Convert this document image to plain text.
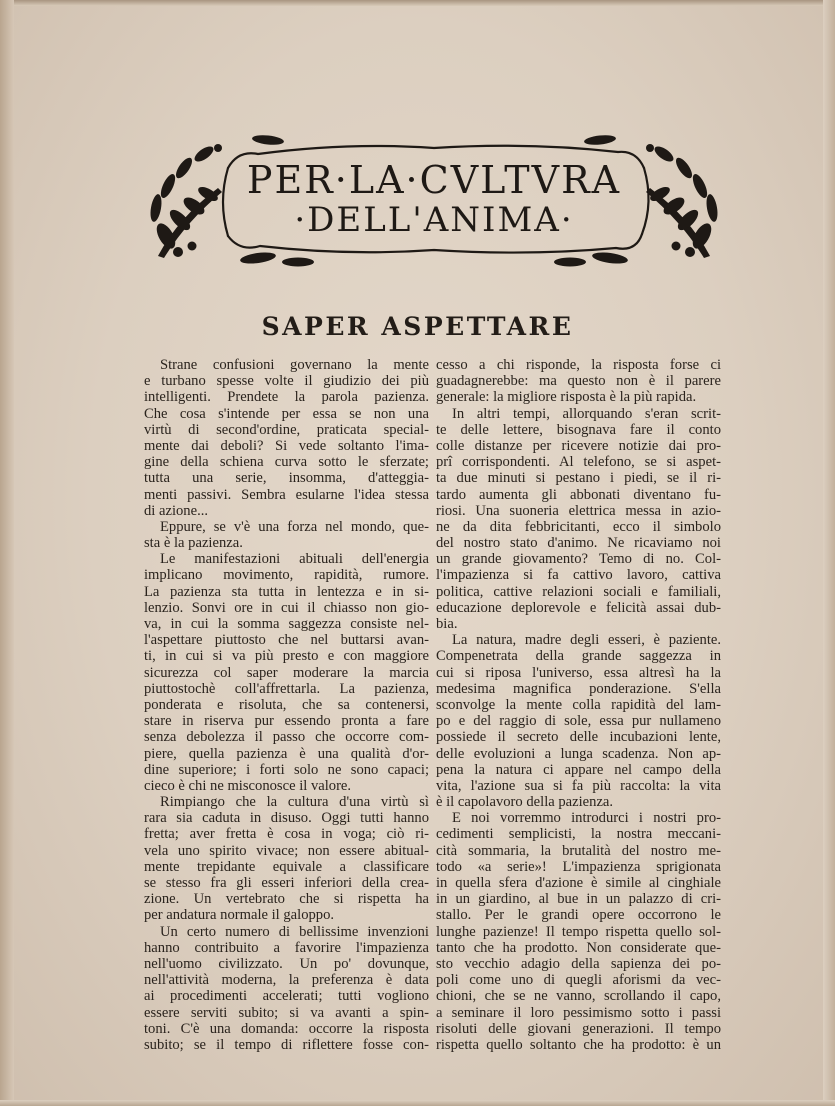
PER·LA·CVLTVRA
·DELL'ANIMA·
SAPER ASPETTARE
Strane confusioni governano la mente
e turbano spesse volte il giudizio dei più
intelligenti. Prendete la parola pazienza.
Che cosa s'intende per essa se non una
virtù di second'ordine, praticata special-
mente dai deboli? Si vede soltanto l'ima-
gine della schiena curva sotto le sferzate;
tutta una serie, insomma, d'atteggia-
menti passivi. Sembra esularne l'idea stessa
di azione...
Eppure, se v'è una forza nel mondo, que-
sta è la pazienza.
Le manifestazioni abituali dell'energia
implicano movimento, rapidità, rumore.
La pazienza sta tutta in lentezza e in si-
lenzio. Sonvi ore in cui il chiasso non gio-
va, in cui la somma saggezza consiste nel-
l'aspettare piuttosto che nel buttarsi avan-
ti, in cui si va più presto e con maggiore
sicurezza col saper moderare la marcia
piuttostochè coll'affrettarla. La pazienza,
ponderata e risoluta, che sa contenersi,
stare in riserva pur essendo pronta a fare
senza debolezza il passo che occorre com-
piere, quella pazienza è una qualità d'or-
dine superiore; i forti solo ne sono capaci;
cieco è chi ne misconosce il valore.
Rimpiango che la cultura d'una virtù sì
rara sia caduta in disuso. Oggi tutti hanno
fretta; aver fretta è cosa in voga; ciò ri-
vela uno spirito vivace; non essere abitual-
mente trepidante equivale a classificare
se stesso fra gli esseri inferiori della crea-
zione. Un vertebrato che si rispetta ha
per andatura normale il galoppo.
Un certo numero di bellissime invenzioni
hanno contribuito a favorire l'impazienza
nell'uomo civilizzato. Un po' dovunque,
nell'attività moderna, la preferenza è data
ai procedimenti accelerati; tutti vogliono
essere serviti subito; si va avanti a spin-
toni. C'è una domanda: occorre la risposta
subito; se il tempo di riflettere fosse con-
cesso a chi risponde, la risposta forse ci
guadagnerebbe: ma questo non è il parere
generale: la migliore risposta è la più rapida.
In altri tempi, allorquando s'eran scrit-
te delle lettere, bisognava fare il conto
colle distanze per ricevere notizie dai pro-
prî corrispondenti. Al telefono, se si aspet-
ta due minuti si pestano i piedi, se il ri-
tardo aumenta gli abbonati diventano fu-
riosi. Una suoneria elettrica messa in azio-
ne da dita febbricitanti, ecco il simbolo
del nostro stato d'animo. Ne ricaviamo noi
un grande giovamento? Temo di no. Col-
l'impazienza si fa cattivo lavoro, cattiva
politica, cattive relazioni sociali e familiali,
educazione deplorevole e felicità assai dub-
bia.
La natura, madre degli esseri, è paziente.
Compenetrata della grande saggezza in
cui si riposa l'universo, essa altresì ha la
medesima magnifica ponderazione. S'ella
sconvolge la mente colla rapidità del lam-
po e del raggio di sole, essa pur nullameno
possiede il secreto delle incubazioni lente,
delle evoluzioni a lunga scadenza. Non ap-
pena la natura ci appare nel campo della
vita, l'azione sua si fa più raccolta: la vita
è il capolavoro della pazienza.
E noi vorremmo introdurci i nostri pro-
cedimenti semplicisti, la nostra meccani-
cità sommaria, la brutalità del nostro me-
todo «a serie»! L'impazienza sprigionata
in quella sfera d'azione è simile al cinghiale
in un giardino, al bue in un palazzo di cri-
stallo. Per le grandi opere occorrono le
lunghe pazienze! Il tempo rispetta quello sol-
tanto che ha prodotto. Non considerate que-
sto vecchio adagio della sapienza dei po-
poli come uno di quegli aforismi da vec-
chioni, che se ne vanno, scrollando il capo,
a seminare il loro pessimismo sotto i passi
risoluti delle giovani generazioni. Il tempo
rispetta quello soltanto che ha prodotto: è un
